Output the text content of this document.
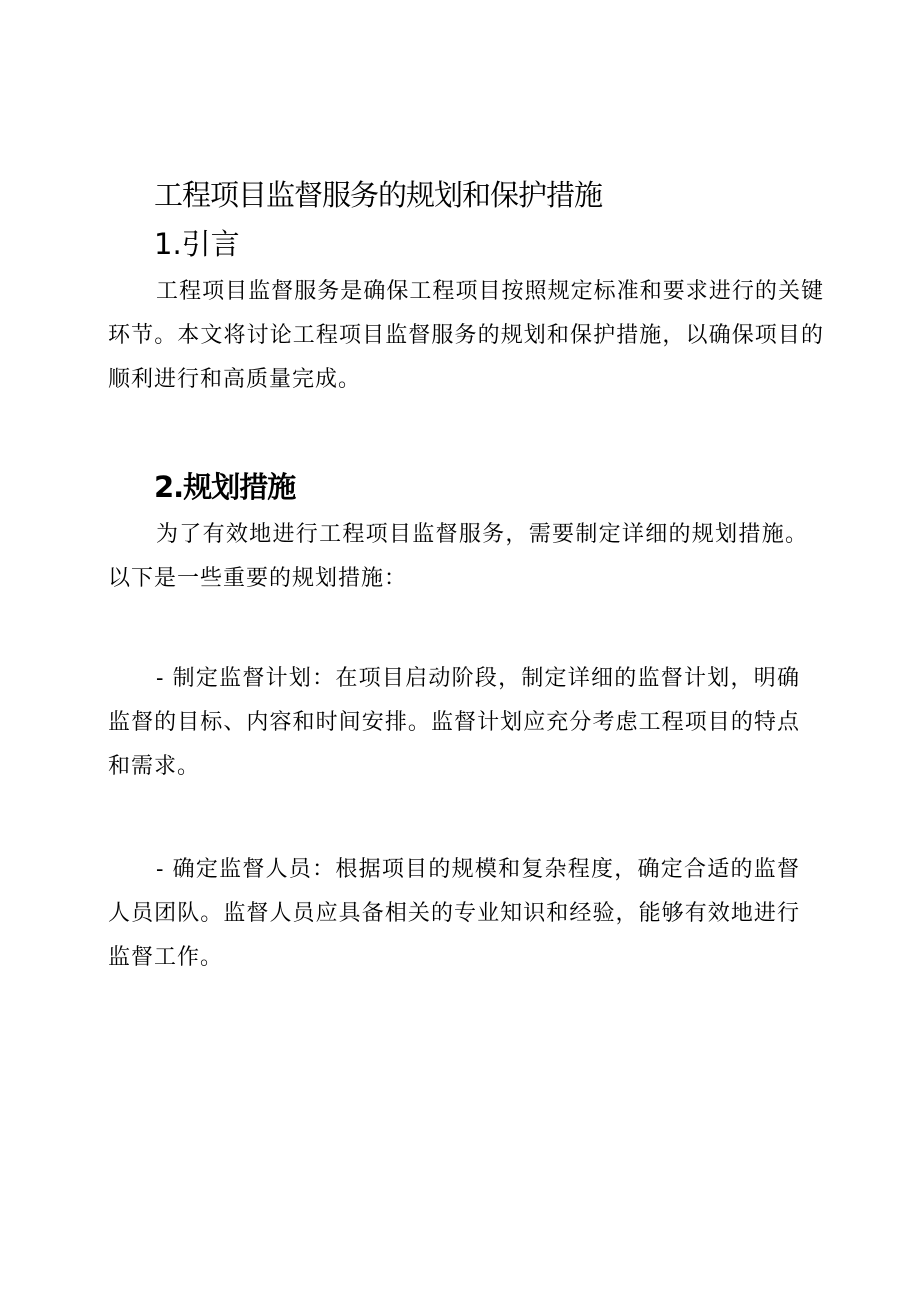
工程项目监督服务的规划和保护措施
1.引言

工程项目监督服务是确保工程项目按照规定标准和要求进行的关键环节。本文将讨论工程项目监督服务的规划和保护措施，以确保项目的顺利进行和高质量完成。

2.规划措施

为了有效地进行工程项目监督服务，需要制定详细的规划措施。以下是一些重要的规划措施：

- 制定监督计划：在项目启动阶段，制定详细的监督计划，明确监督的目标、内容和时间安排。监督计划应充分考虑工程项目的特点和需求。

- 确定监督人员：根据项目的规模和复杂程度，确定合适的监督人员团队。监督人员应具备相关的专业知识和经验，能够有效地进行监督工作。
